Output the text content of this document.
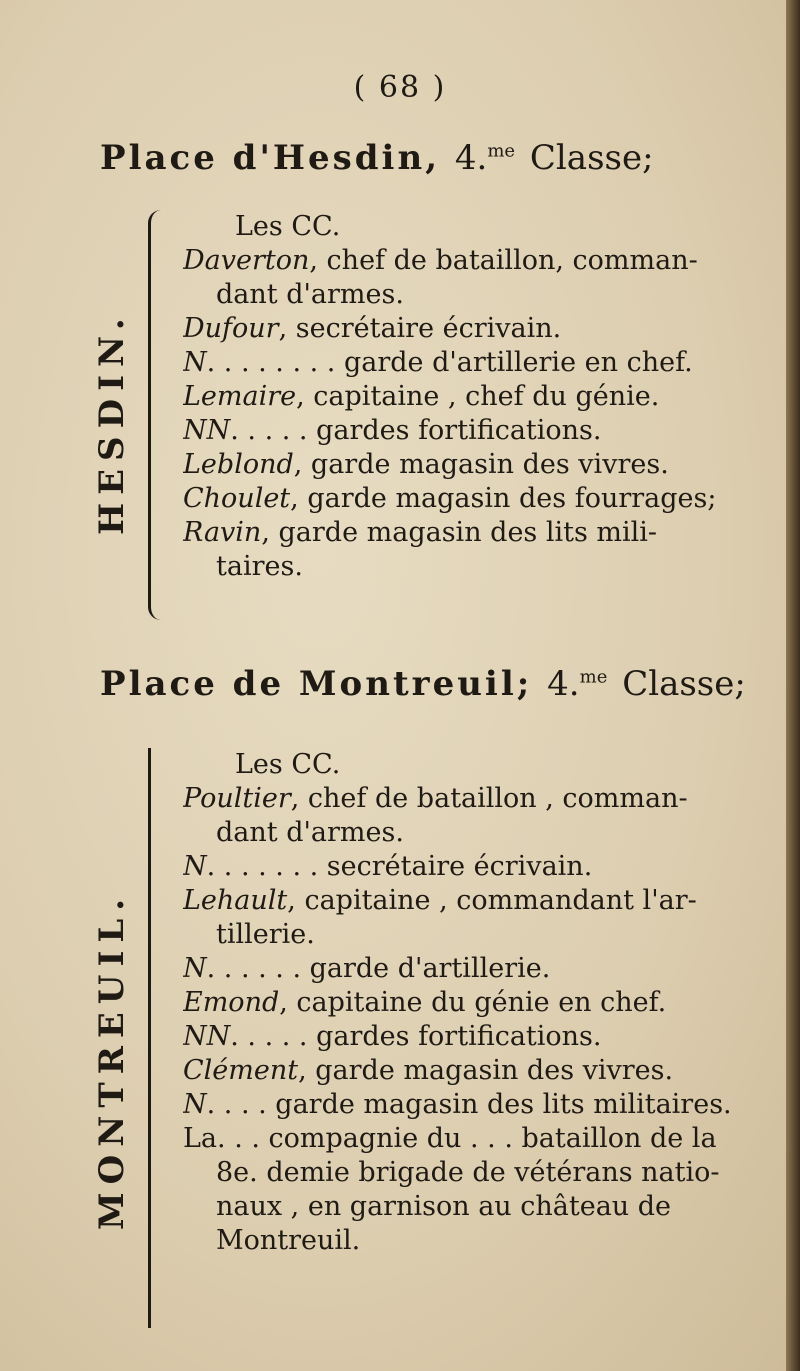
( 68 )
Place d'Hesdin, 4.$^{me}$ Classe;
HESDIN.
Les CC.
Daverton, chef de bataillon, comman-
dant d'armes.
Dufour, secrétaire écrivain.
N. . . . . . . . garde d'artillerie en chef.
Lemaire, capitaine , chef du génie.
NN. . . . . gardes fortifications.
Leblond, garde magasin des vivres.
Choulet, garde magasin des fourrages;
Ravin, garde magasin des lits mili-
taires.
Place de Montreuil; 4.$^{me}$ Classe;
MONTREUIL.
Les CC.
Poultier, chef de bataillon , comman-
dant d'armes.
N. . . . . . . secrétaire écrivain.
Lehault, capitaine , commandant l'ar-
tillerie.
N. . . . . . garde d'artillerie.
Emond, capitaine du génie en chef.
NN. . . . . gardes fortifications.
Clément, garde magasin des vivres.
N. . . . garde magasin des lits militaires.
La. . . compagnie du . . . bataillon de la
8e. demie brigade de vétérans natio-
naux , en garnison au château de
Montreuil.
